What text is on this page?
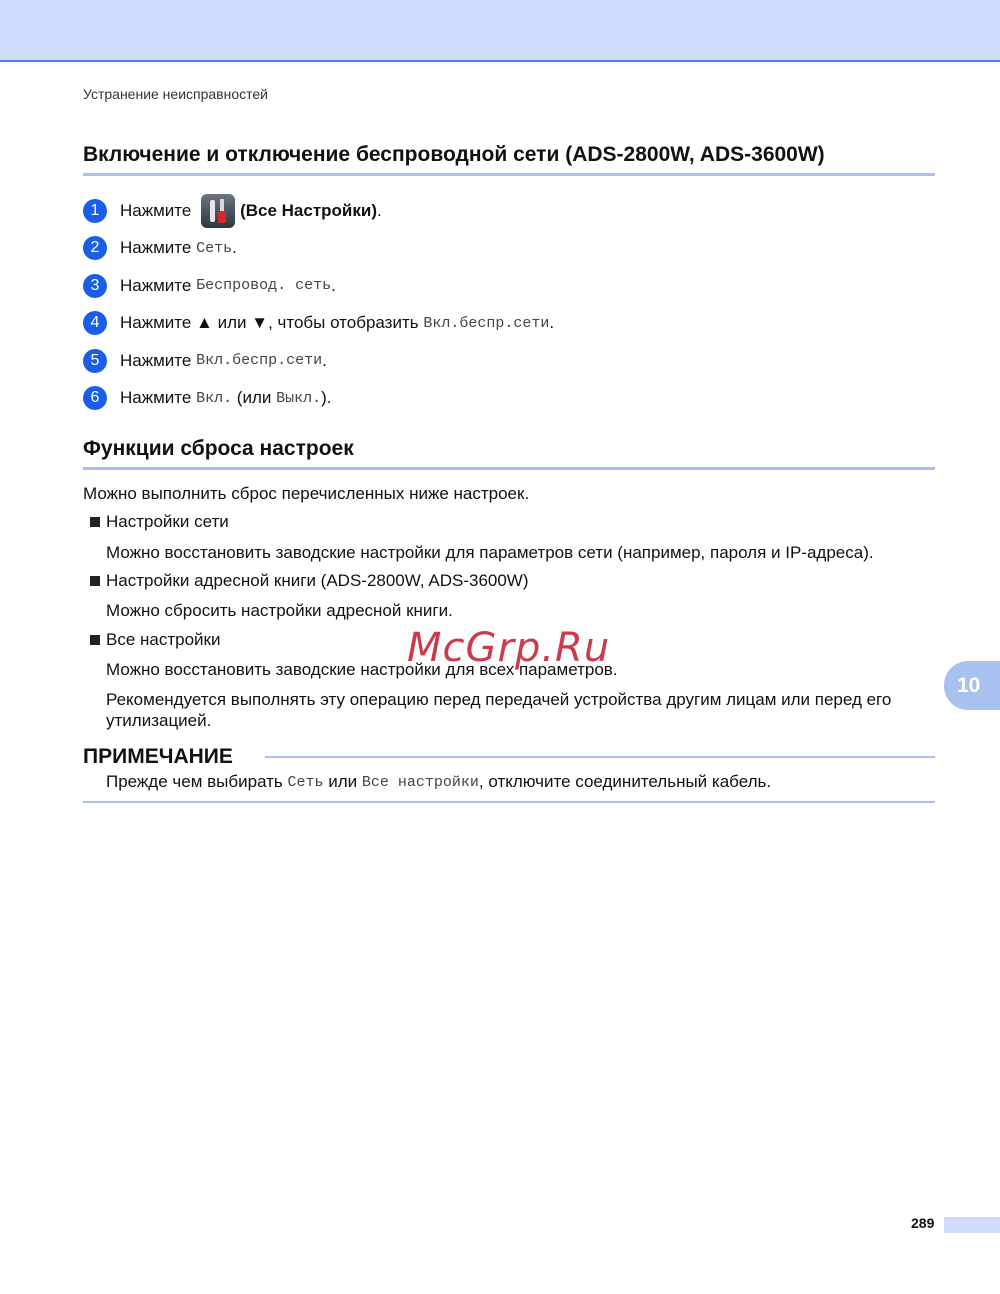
Устранение неисправностей
Включение и отключение беспроводной сети (ADS-2800W, ADS-3600W)
1	Нажмите	(Все Настройки) .
2	Нажмите Сеть .
3	Нажмите Беспровод. сеть .
4	Нажмите ▲ или ▼, чтобы отобразить Вкл.беспр.сети .
5	Нажмите Вкл.беспр.сети .
6	Нажмите Вкл. (или Выкл. ).
Функции сброса настроек
Можно выполнить сброс перечисленных ниже настроек.
Настройки сети
Можно восстановить заводские настройки для параметров сети (например, пароля и IP-адреса).
Настройки адресной книги (ADS-2800W, ADS-3600W)
Можно сбросить настройки адресной книги.
Все настройки
Можно восстановить заводские настройки для всех параметров.
Рекомендуется выполнять эту операцию перед передачей устройства другим лицам или перед его утилизацией.
McGrp.Ru
10
ПРИМЕЧАНИЕ
Прежде чем выбирать Сеть или Все настройки , отключите соединительный кабель.
289
